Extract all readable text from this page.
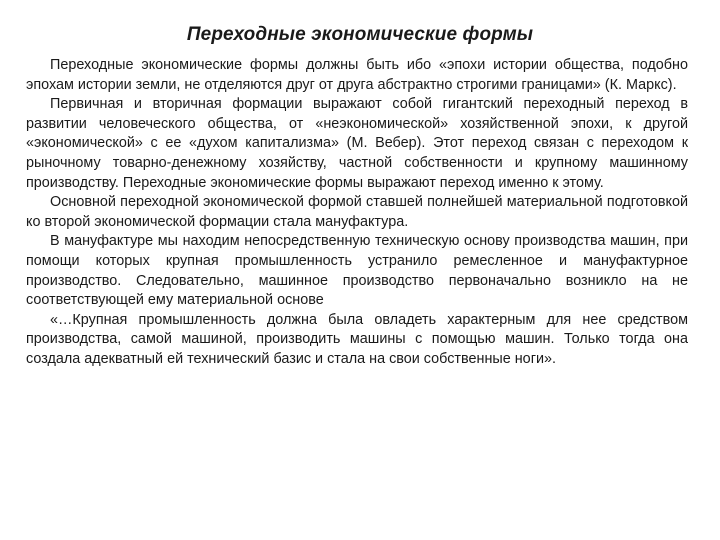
Переходные экономические формы

Переходные экономические формы должны быть ибо «эпохи истории общества, подобно эпохам истории земли, не отделяются друг от друга абстрактно строгими границами» (К. Маркс).

Первичная и вторичная формации выражают собой гигантский переходный переход в развитии человеческого общества, от «неэкономической» хозяйственной эпохи, к другой «экономической» с ее «духом капитализма» (М. Вебер). Этот переход связан с переходом к рыночному товарно-денежному хозяйству, частной собственности и крупному машинному производству. Переходные экономические формы выражают переход именно к этому.

Основной переходной экономической формой ставшей полнейшей материальной подготовкой ко второй экономической формации стала мануфактура.

В мануфактуре мы находим непосредственную техническую основу производства машин, при помощи которых крупная промышленность устранило ремесленное и мануфактурное производство. Следовательно, машинное производство первоначально возникло на не соответствующей ему материальной основе

«…Крупная промышленность должна была овладеть характерным для нее средством производства, самой машиной, производить машины с помощью машин. Только тогда она создала адекватный ей технический базис и стала на свои собственные ноги».
